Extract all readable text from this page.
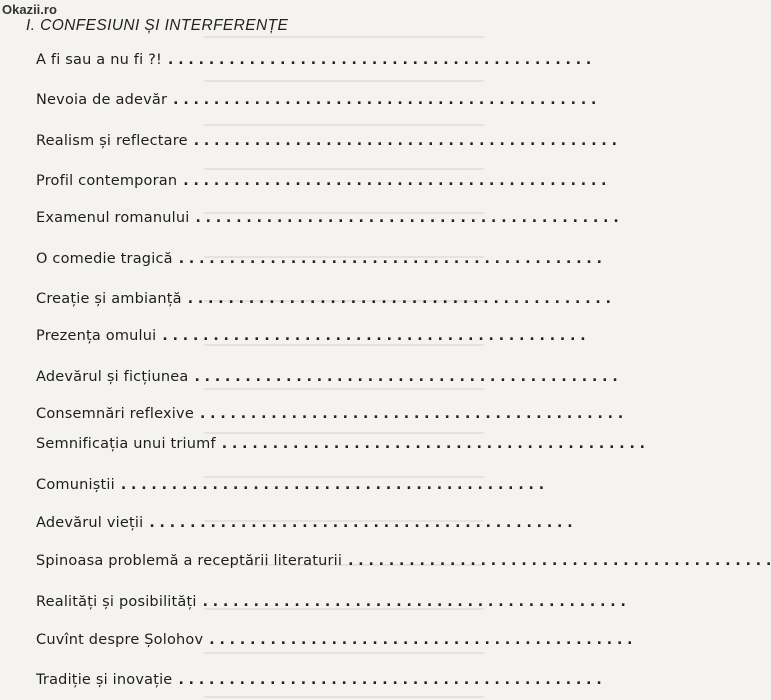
Okazii.ro
I. CONFESIUNI ȘI INTERFERENȚE
A fi sau a nu fi ?! . . . . . . . . . . . . . . . . . . . . . . . . . . . . . . . . . . . . . . . . . .
Nevoia de adevăr . . . . . . . . . . . . . . . . . . . . . . . . . . . . . . . . . . . . . . . . . .
Realism și reflectare . . . . . . . . . . . . . . . . . . . . . . . . . . . . . . . . . . . . . . . . . .
Profil contemporan . . . . . . . . . . . . . . . . . . . . . . . . . . . . . . . . . . . . . . . . . .
Examenul romanului . . . . . . . . . . . . . . . . . . . . . . . . . . . . . . . . . . . . . . . . . .
O comedie tragică . . . . . . . . . . . . . . . . . . . . . . . . . . . . . . . . . . . . . . . . . .
Creație și ambianță . . . . . . . . . . . . . . . . . . . . . . . . . . . . . . . . . . . . . . . . . .
Prezența omului . . . . . . . . . . . . . . . . . . . . . . . . . . . . . . . . . . . . . . . . . .
Adevărul și ficțiunea . . . . . . . . . . . . . . . . . . . . . . . . . . . . . . . . . . . . . . . . . .
Consemnări reflexive . . . . . . . . . . . . . . . . . . . . . . . . . . . . . . . . . . . . . . . . . .
Semnificația unui triumf . . . . . . . . . . . . . . . . . . . . . . . . . . . . . . . . . . . . . . . . . .
Comuniștii . . . . . . . . . . . . . . . . . . . . . . . . . . . . . . . . . . . . . . . . . .
Adevărul vieții . . . . . . . . . . . . . . . . . . . . . . . . . . . . . . . . . . . . . . . . . .
Spinoasa problemă a receptării literaturii . . . . . . . . . . . . . . . . . . . . . . . . . . . . . . . . . . . . . . . . . .
Realități și posibilități . . . . . . . . . . . . . . . . . . . . . . . . . . . . . . . . . . . . . . . . . .
Cuvînt despre Șolohov . . . . . . . . . . . . . . . . . . . . . . . . . . . . . . . . . . . . . . . . . .
Tradiție și inovație . . . . . . . . . . . . . . . . . . . . . . . . . . . . . . . . . . . . . . . . . .
